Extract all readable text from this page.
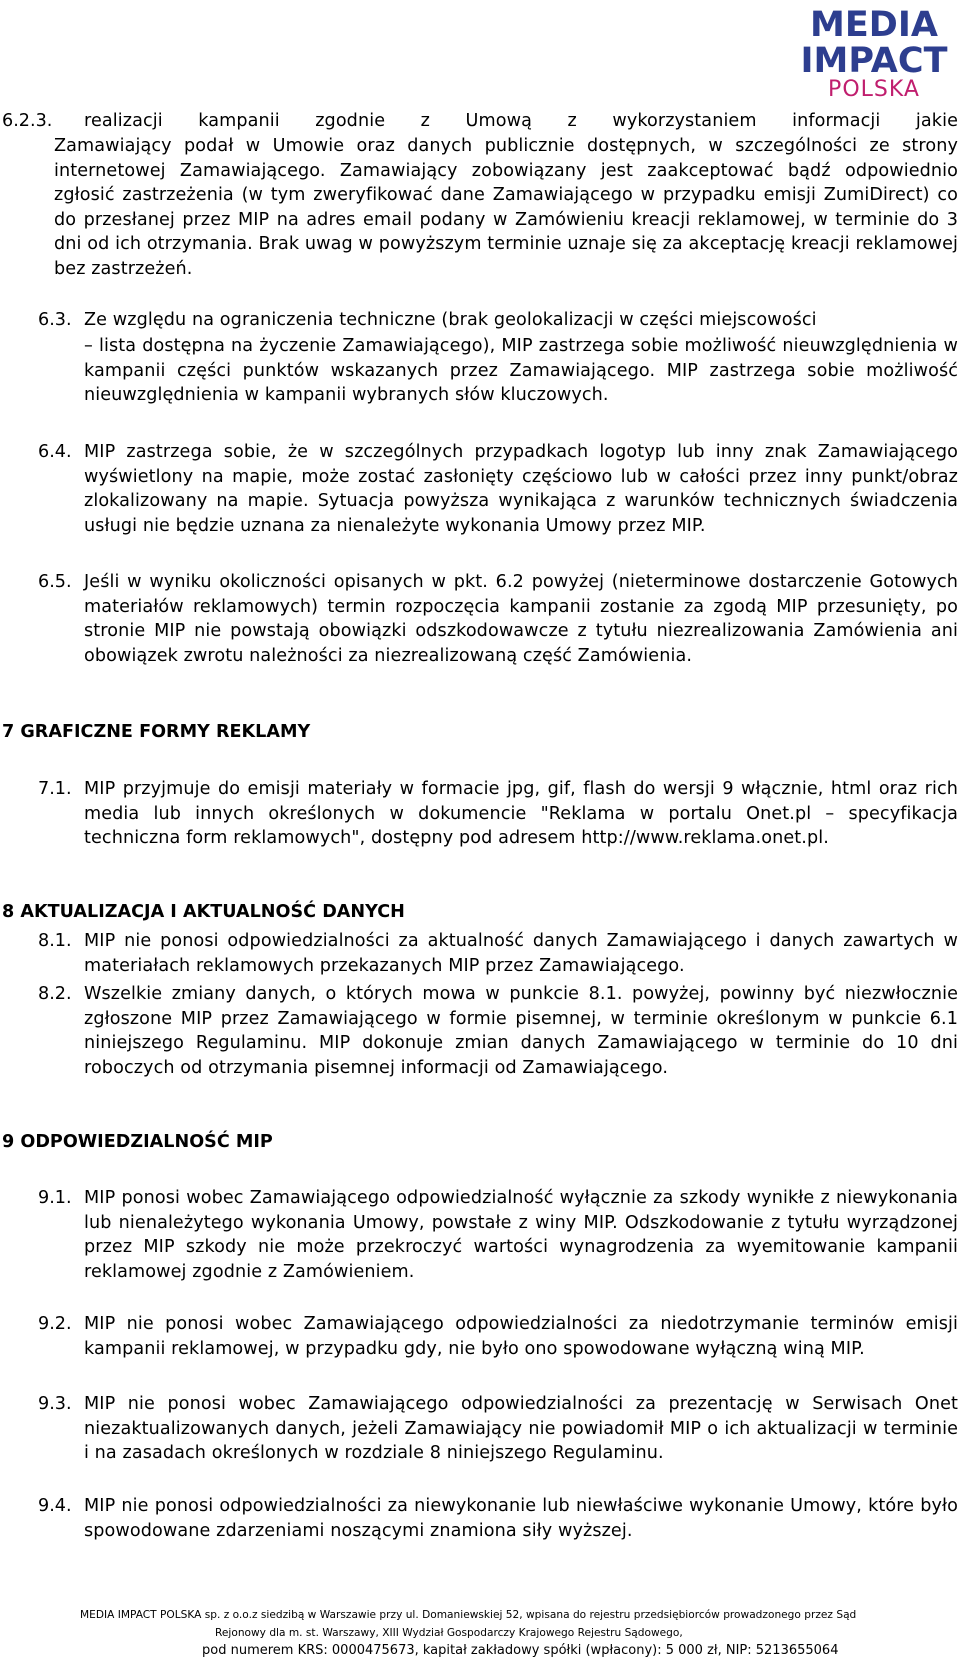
MEDIA
IMPACT
POLSKA
6.2.3. realizacji kampanii zgodnie z Umową z wykorzystaniem informacji jakie
Zamawiający podał w Umowie oraz danych publicznie dostępnych, w szczególności ze strony internetowej Zamawiającego. Zamawiający zobowiązany jest zaakceptować bądź odpowiednio zgłosić zastrzeżenia (w tym zweryfikować dane Zamawiającego w przypadku emisji ZumiDirect) co do przesłanej przez MIP na adres email podany w Zamówieniu kreacji reklamowej, w terminie do 3 dni od ich otrzymania. Brak uwag w powyższym terminie uznaje się za akceptację kreacji reklamowej bez zastrzeżeń.
6.3. Ze względu na ograniczenia techniczne (brak geolokalizacji w części miejscowości
– lista dostępna na życzenie Zamawiającego), MIP zastrzega sobie możliwość nieuwzględnienia w kampanii części punktów wskazanych przez Zamawiającego. MIP zastrzega sobie możliwość nieuwzględnienia w kampanii wybranych słów kluczowych.
6.4. MIP zastrzega sobie, że w szczególnych przypadkach logotyp lub inny znak Zamawiającego wyświetlony na mapie, może zostać zasłonięty częściowo lub w całości przez inny punkt/obraz zlokalizowany na mapie. Sytuacja powyższa wynikająca z warunków technicznych świadczenia usługi nie będzie uznana za nienależyte wykonania Umowy przez MIP.
6.5. Jeśli w wyniku okoliczności opisanych w pkt. 6.2 powyżej (nieterminowe dostarczenie Gotowych materiałów reklamowych) termin rozpoczęcia kampanii zostanie za zgodą MIP przesunięty, po stronie MIP nie powstają obowiązki odszkodowawcze z tytułu niezrealizowania Zamówienia ani obowiązek zwrotu należności za niezrealizowaną część Zamówienia.
7 GRAFICZNE FORMY REKLAMY
7.1. MIP przyjmuje do emisji materiały w formacie jpg, gif, flash do wersji 9 włącznie, html oraz rich media lub innych określonych w dokumencie "Reklama w portalu Onet.pl – specyfikacja techniczna form reklamowych", dostępny pod adresem http://www.reklama.onet.pl.
8 AKTUALIZACJA I AKTUALNOŚĆ DANYCH
8.1. MIP nie ponosi odpowiedzialności za aktualność danych Zamawiającego i danych zawartych w materiałach reklamowych przekazanych MIP przez Zamawiającego.
8.2. Wszelkie zmiany danych, o których mowa w punkcie 8.1. powyżej, powinny być niezwłocznie zgłoszone MIP przez Zamawiającego w formie pisemnej, w terminie określonym w punkcie 6.1 niniejszego Regulaminu. MIP dokonuje zmian danych Zamawiającego w terminie do 10 dni roboczych od otrzymania pisemnej informacji od Zamawiającego.
9 ODPOWIEDZIALNOŚĆ MIP
9.1. MIP ponosi wobec Zamawiającego odpowiedzialność wyłącznie za szkody wynikłe z niewykonania lub nienależytego wykonania Umowy, powstałe z winy MIP. Odszkodowanie z tytułu wyrządzonej przez MIP szkody nie może przekroczyć wartości wynagrodzenia za wyemitowanie kampanii reklamowej zgodnie z Zamówieniem.
9.2. MIP nie ponosi wobec Zamawiającego odpowiedzialności za niedotrzymanie terminów emisji kampanii reklamowej, w przypadku gdy, nie było ono spowodowane wyłączną winą MIP.
9.3. MIP nie ponosi wobec Zamawiającego odpowiedzialności za prezentację w Serwisach Onet niezaktualizowanych danych, jeżeli Zamawiający nie powiadomił MIP o ich aktualizacji w terminie i na zasadach określonych w rozdziale 8 niniejszego Regulaminu.
9.4. MIP nie ponosi odpowiedzialności za niewykonanie lub niewłaściwe wykonanie Umowy, które było spowodowane zdarzeniami noszącymi znamiona siły wyższej.
MEDIA IMPACT POLSKA sp. z o.o.z siedzibą w Warszawie przy ul. Domaniewskiej 52, wpisana do rejestru przedsiębiorców prowadzonego przez Sąd
Rejonowy dla m. st. Warszawy, XIII Wydział Gospodarczy Krajowego Rejestru Sądowego,
pod numerem KRS: 0000475673, kapitał zakładowy spółki (wpłacony): 5 000 zł, NIP: 5213655064
